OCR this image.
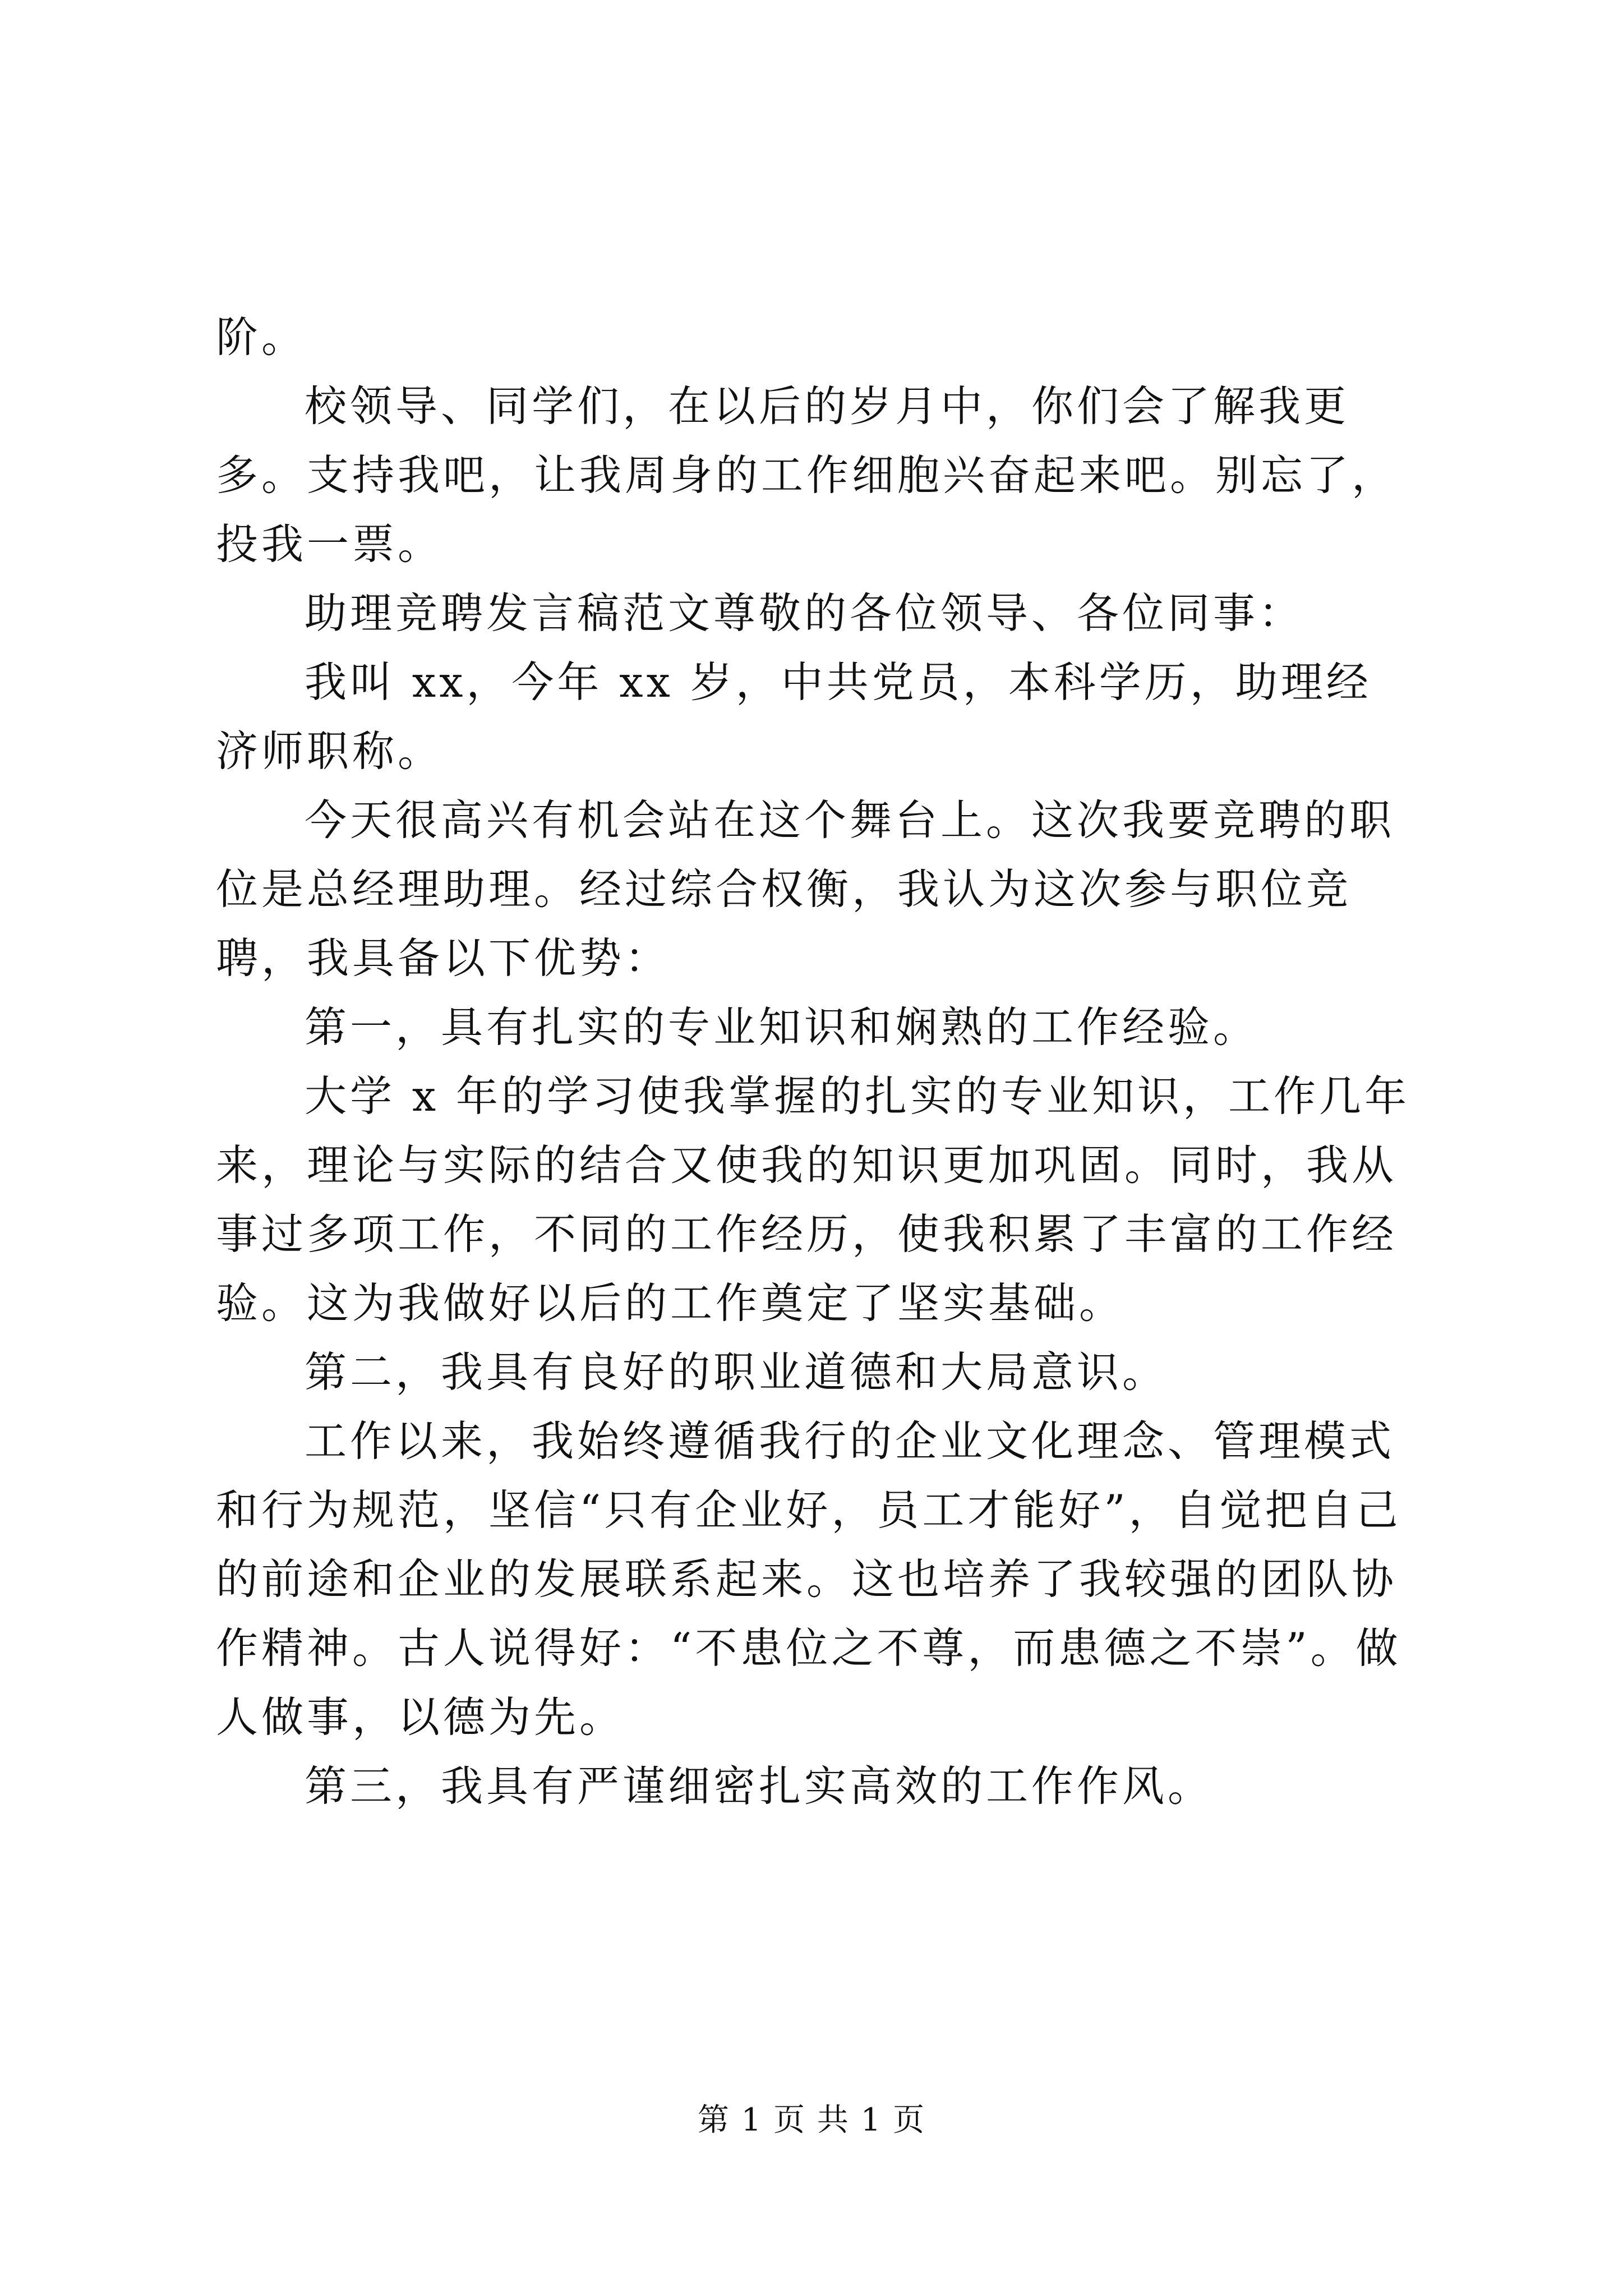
阶。

校领导、同学们，在以后的岁月中，你们会了解我更多。支持我吧，让我周身的工作细胞兴奋起来吧。别忘了，投我一票。

助理竞聘发言稿范文尊敬的各位领导、各位同事：

我叫 xx，今年 xx 岁，中共党员，本科学历，助理经济师职称。

今天很高兴有机会站在这个舞台上。这次我要竞聘的职位是总经理助理。经过综合权衡，我认为这次参与职位竞聘，我具备以下优势：

第一，具有扎实的专业知识和娴熟的工作经验。

大学 x 年的学习使我掌握的扎实的专业知识，工作几年来，理论与实际的结合又使我的知识更加巩固。同时，我从事过多项工作，不同的工作经历，使我积累了丰富的工作经验。这为我做好以后的工作奠定了坚实基础。

第二，我具有良好的职业道德和大局意识。

工作以来，我始终遵循我行的企业文化理念、管理模式和行为规范，坚信“只有企业好，员工才能好”，自觉把自己的前途和企业的发展联系起来。这也培养了我较强的团队协作精神。古人说得好：“不患位之不尊，而患德之不崇”。做人做事，以德为先。

第三，我具有严谨细密扎实高效的工作作风。

第 1 页 共 1 页
